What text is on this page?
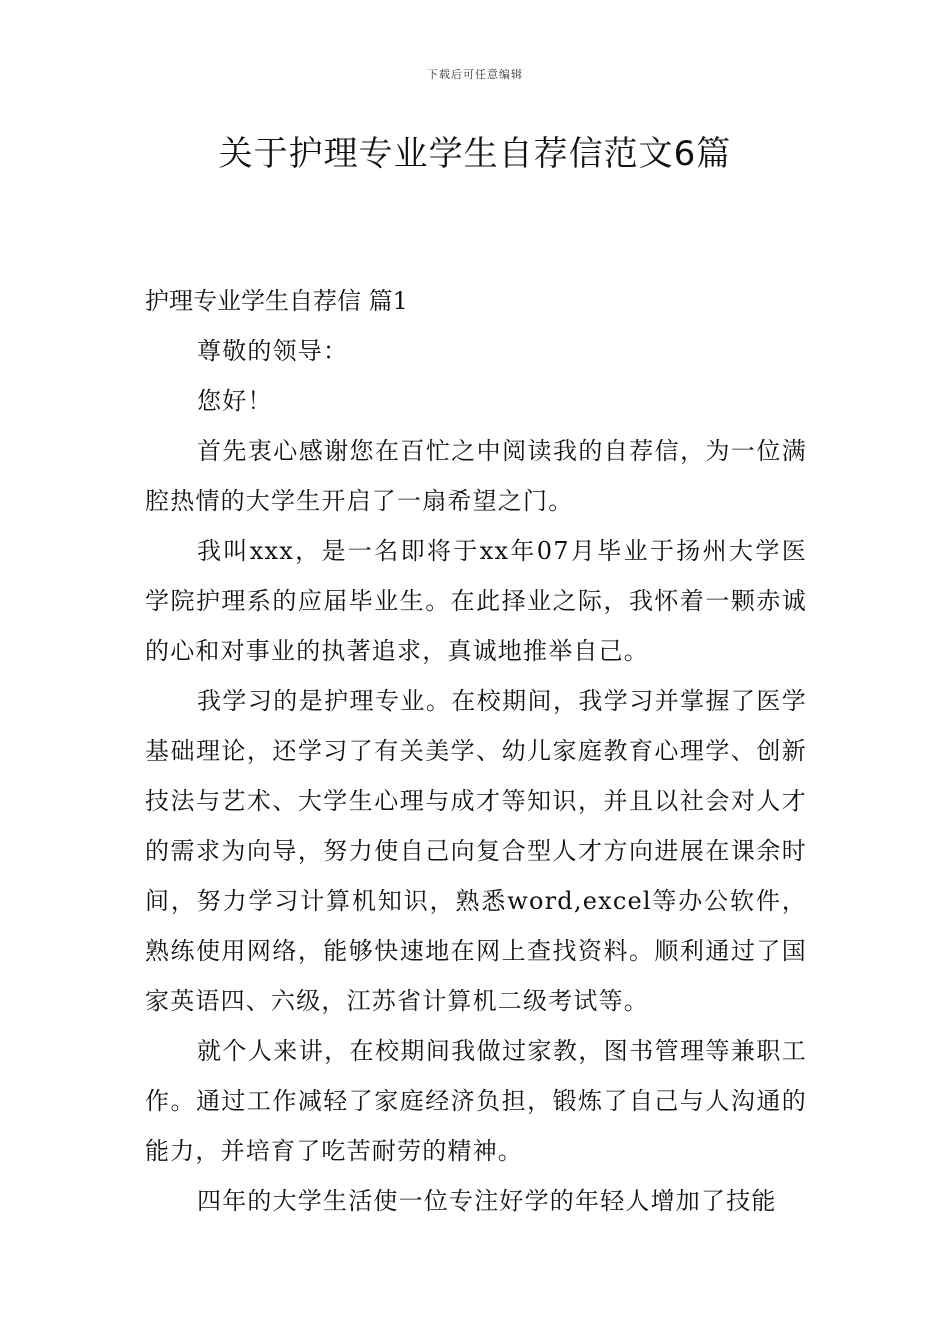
下载后可任意编辑
关于护理专业学生自荐信范文6篇
护理专业学生自荐信 篇1

尊敬的领导：

您好！

首先衷心感谢您在百忙之中阅读我的自荐信，为一位满腔热情的大学生开启了一扇希望之门。

我叫xxx，是一名即将于xx年07月毕业于扬州大学医学院护理系的应届毕业生。在此择业之际，我怀着一颗赤诚的心和对事业的执著追求，真诚地推举自己。

我学习的是护理专业。在校期间，我学习并掌握了医学基础理论，还学习了有关美学、幼儿家庭教育心理学、创新技法与艺术、大学生心理与成才等知识，并且以社会对人才的需求为向导，努力使自己向复合型人才方向进展在课余时间，努力学习计算机知识，熟悉word,excel等办公软件，熟练使用网络，能够快速地在网上查找资料。顺利通过了国家英语四、六级，江苏省计算机二级考试等。

就个人来讲，在校期间我做过家教，图书管理等兼职工作。通过工作减轻了家庭经济负担，锻炼了自己与人沟通的能力，并培育了吃苦耐劳的精神。

四年的大学生活使一位专注好学的年轻人增加了技能
